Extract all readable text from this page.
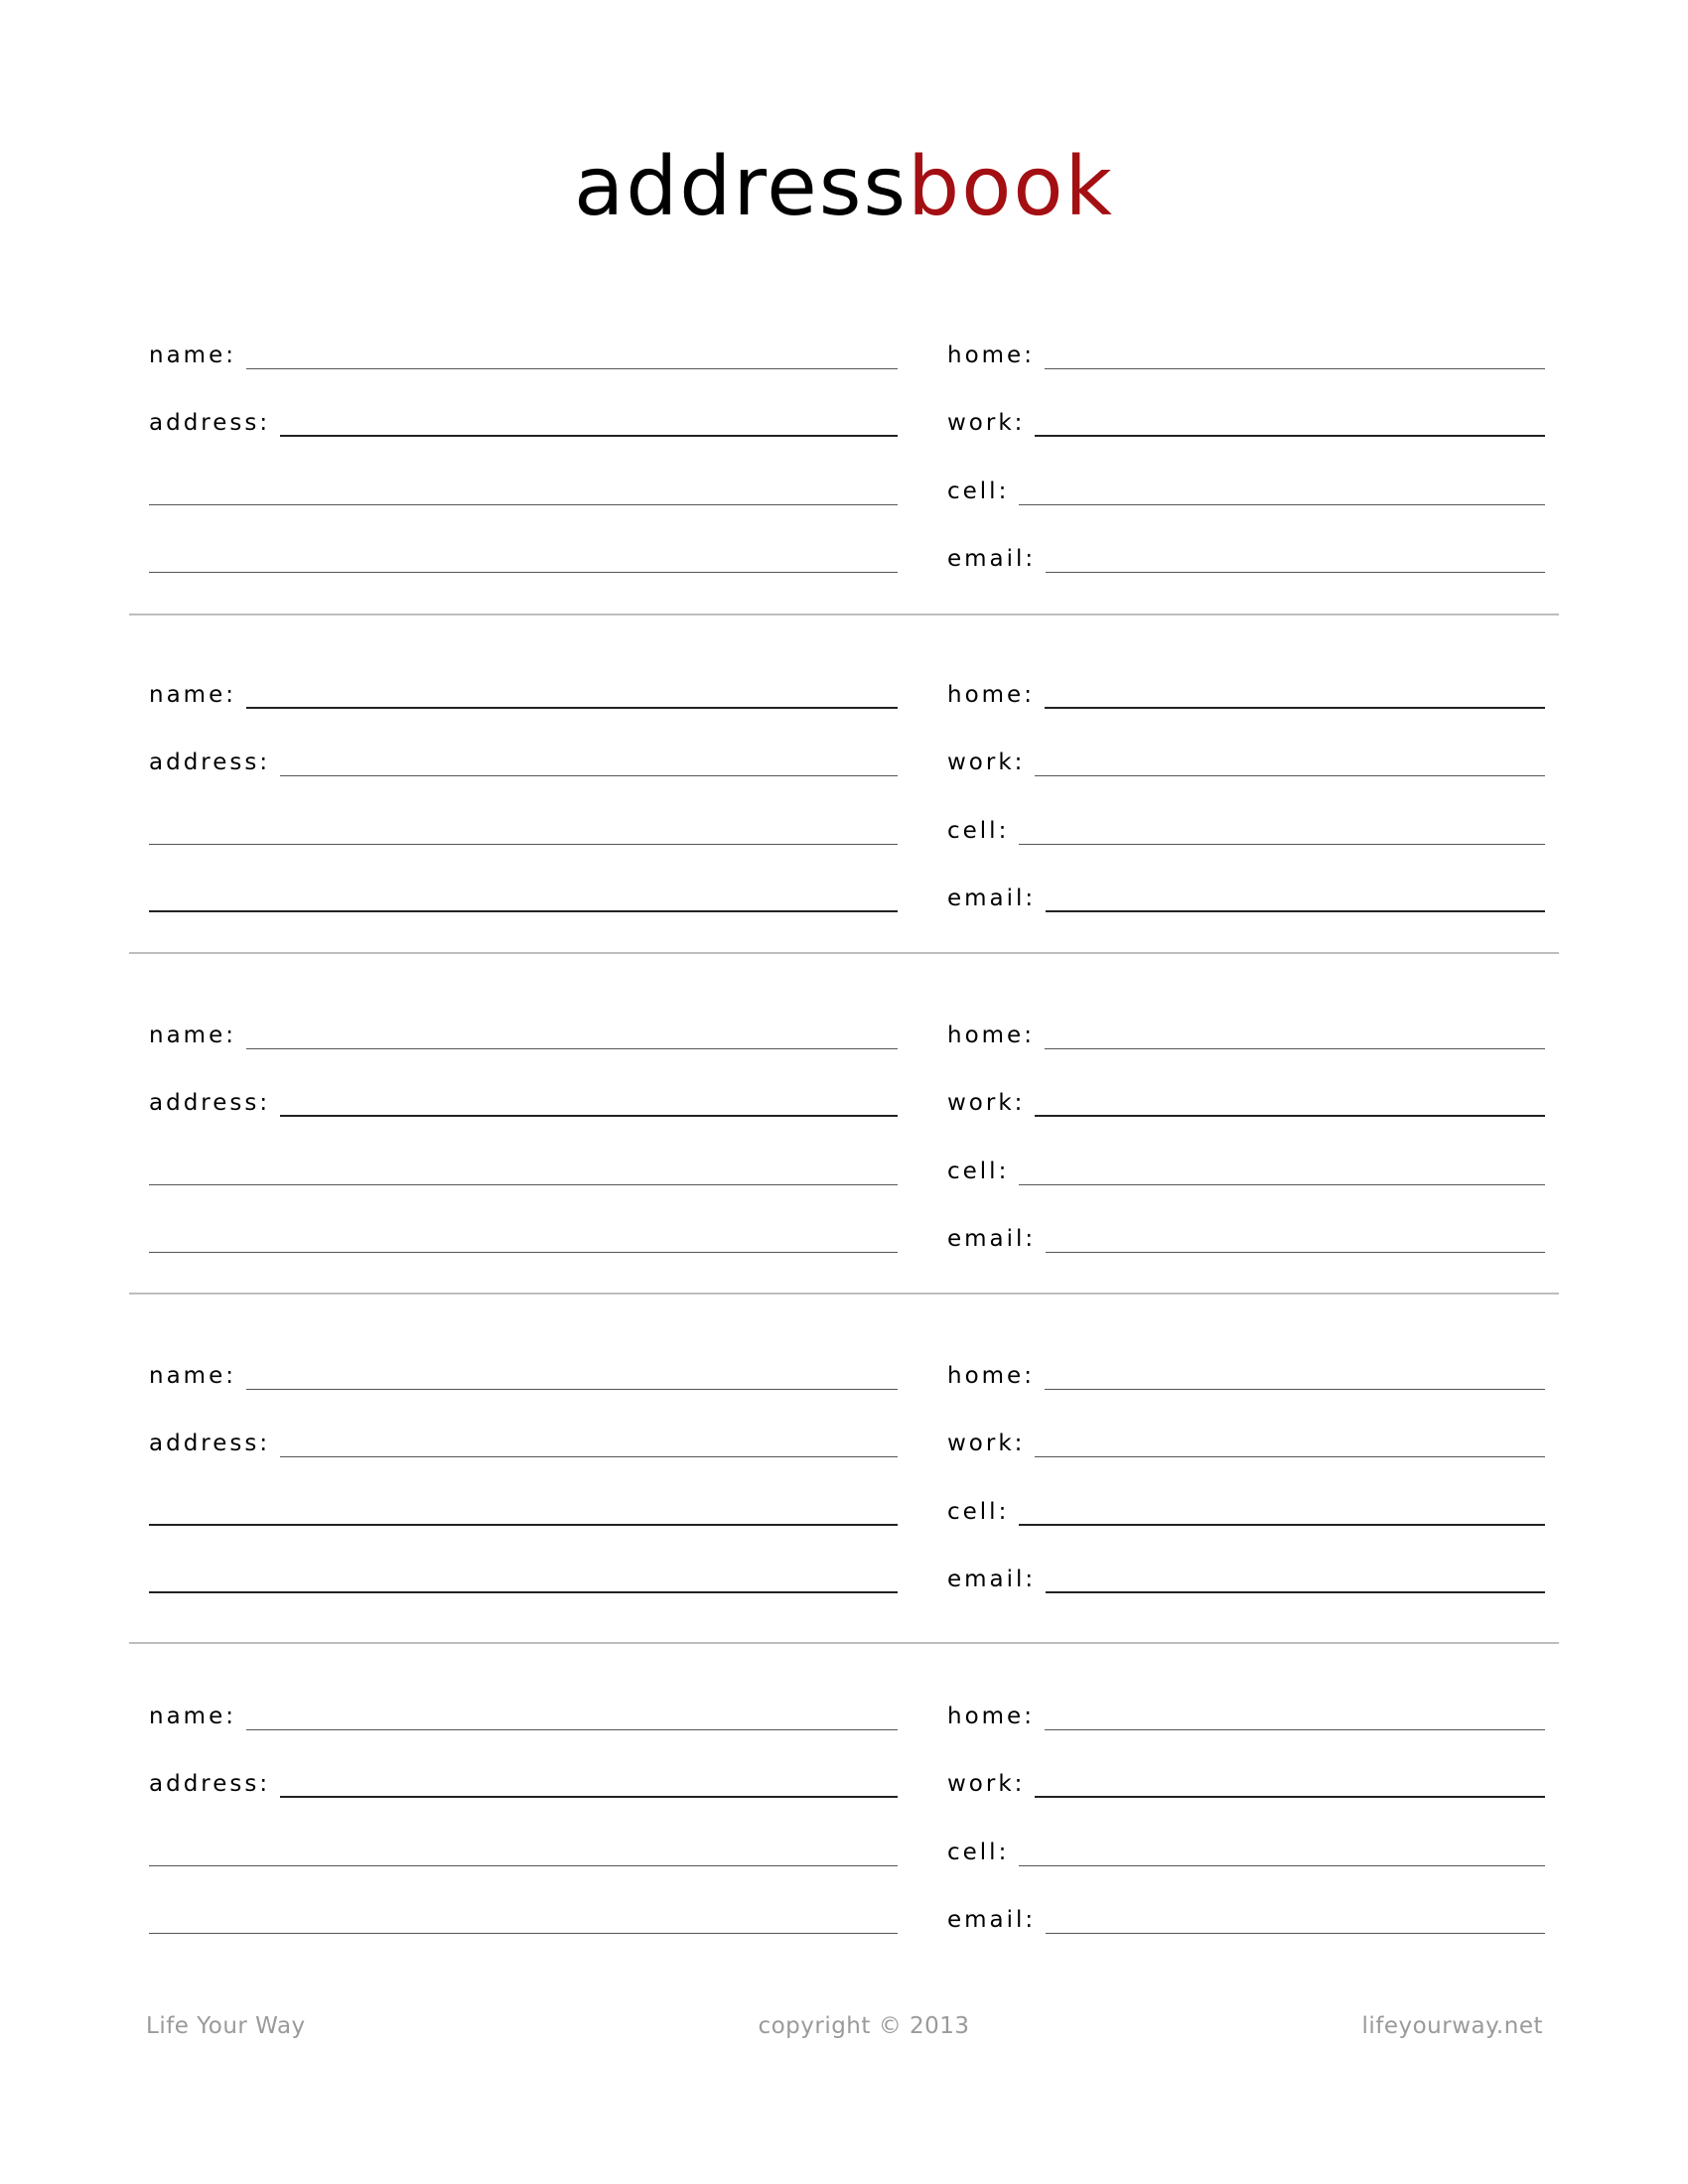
addressbook
name:
address:
home:
work:
cell:
email:
name:
address:
home:
work:
cell:
email:
name:
address:
home:
work:
cell:
email:
name:
address:
home:
work:
cell:
email:
name:
address:
home:
work:
cell:
email:
Life Your Way	copyright © 2013	lifeyourway.net
